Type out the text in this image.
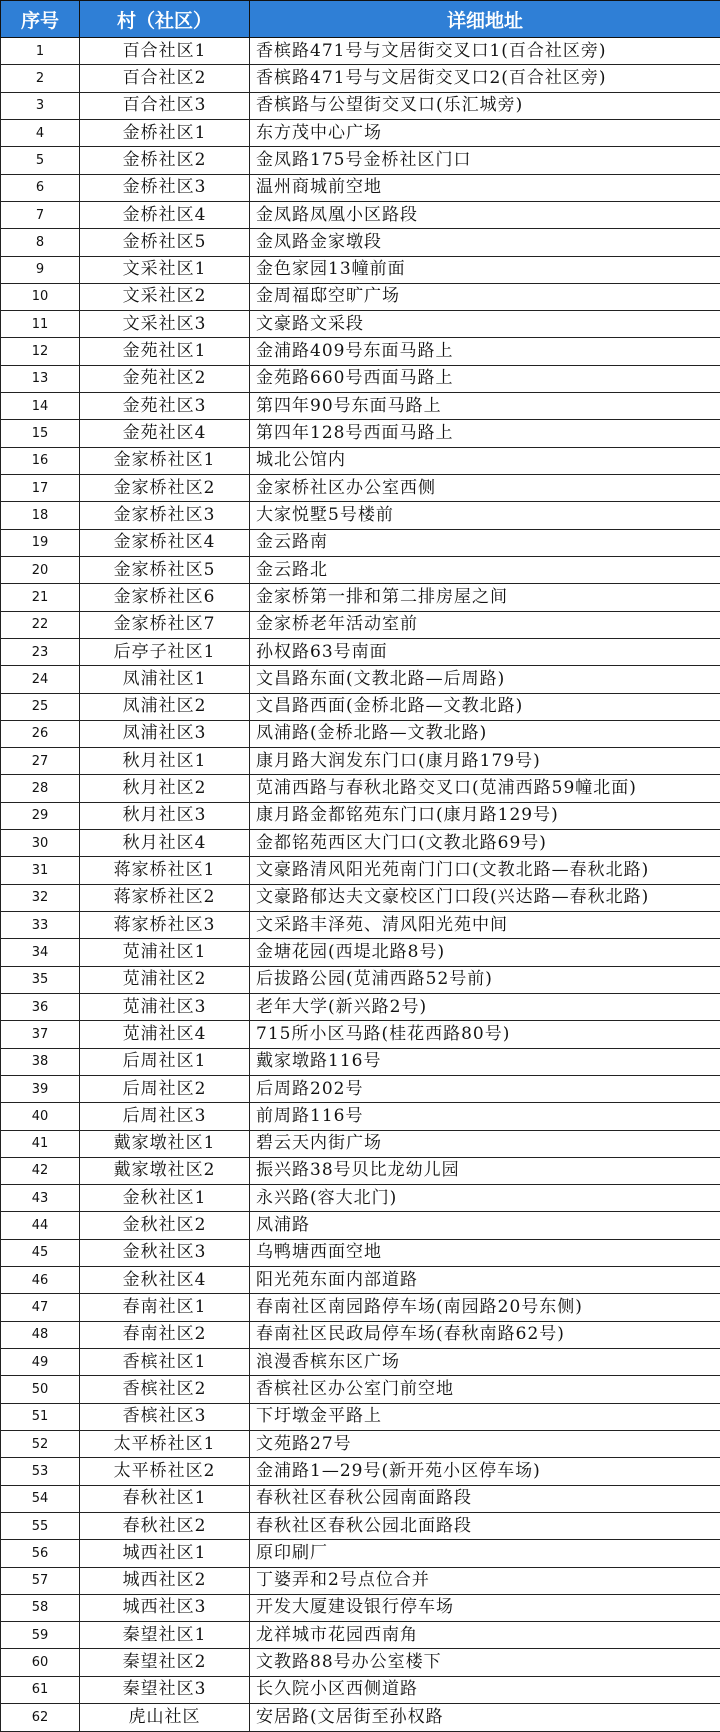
序号	村（社区）	详细地址
1	百合社区1	香槟路471号与文居街交叉口1(百合社区旁)
2	百合社区2	香槟路471号与文居街交叉口2(百合社区旁)
3	百合社区3	香槟路与公望街交叉口(乐汇城旁)
4	金桥社区1	东方茂中心广场
5	金桥社区2	金凤路175号金桥社区门口
6	金桥社区3	温州商城前空地
7	金桥社区4	金凤路凤凰小区路段
8	金桥社区5	金凤路金家墩段
9	文采社区1	金色家园13幢前面
10	文采社区2	金周福邸空旷广场
11	文采社区3	文豪路文采段
12	金苑社区1	金浦路409号东面马路上
13	金苑社区2	金苑路660号西面马路上
14	金苑社区3	第四年90号东面马路上
15	金苑社区4	第四年128号西面马路上
16	金家桥社区1	城北公馆内
17	金家桥社区2	金家桥社区办公室西侧
18	金家桥社区3	大家悦墅5号楼前
19	金家桥社区4	金云路南
20	金家桥社区5	金云路北
21	金家桥社区6	金家桥第一排和第二排房屋之间
22	金家桥社区7	金家桥老年活动室前
23	后亭子社区1	孙权路63号南面
24	凤浦社区1	文昌路东面(文教北路—后周路)
25	凤浦社区2	文昌路西面(金桥北路—文教北路)
26	凤浦社区3	凤浦路(金桥北路—文教北路)
27	秋月社区1	康月路大润发东门口(康月路179号)
28	秋月社区2	苋浦西路与春秋北路交叉口(苋浦西路59幢北面)
29	秋月社区3	康月路金都铭苑东门口(康月路129号)
30	秋月社区4	金都铭苑西区大门口(文教北路69号)
31	蒋家桥社区1	文豪路清风阳光苑南门门口(文教北路—春秋北路)
32	蒋家桥社区2	文豪路郁达夫文豪校区门口段(兴达路—春秋北路)
33	蒋家桥社区3	文采路丰泽苑、清风阳光苑中间
34	苋浦社区1	金塘花园(西堤北路8号)
35	苋浦社区2	后拔路公园(苋浦西路52号前)
36	苋浦社区3	老年大学(新兴路2号)
37	苋浦社区4	715所小区马路(桂花西路80号)
38	后周社区1	戴家墩路116号
39	后周社区2	后周路202号
40	后周社区3	前周路116号
41	戴家墩社区1	碧云天内街广场
42	戴家墩社区2	振兴路38号贝比龙幼儿园
43	金秋社区1	永兴路(容大北门)
44	金秋社区2	凤浦路
45	金秋社区3	乌鸭塘西面空地
46	金秋社区4	阳光苑东面内部道路
47	春南社区1	春南社区南园路停车场(南园路20号东侧)
48	春南社区2	春南社区民政局停车场(春秋南路62号)
49	香槟社区1	浪漫香槟东区广场
50	香槟社区2	香槟社区办公室门前空地
51	香槟社区3	下圩墩金平路上
52	太平桥社区1	文苑路27号
53	太平桥社区2	金浦路1—29号(新开苑小区停车场)
54	春秋社区1	春秋社区春秋公园南面路段
55	春秋社区2	春秋社区春秋公园北面路段
56	城西社区1	原印刷厂
57	城西社区2	丁婆弄和2号点位合并
58	城西社区3	开发大厦建设银行停车场
59	秦望社区1	龙祥城市花园西南角
60	秦望社区2	文教路88号办公室楼下
61	秦望社区3	长久院小区西侧道路
62	虎山社区	安居路(文居街至孙权路
